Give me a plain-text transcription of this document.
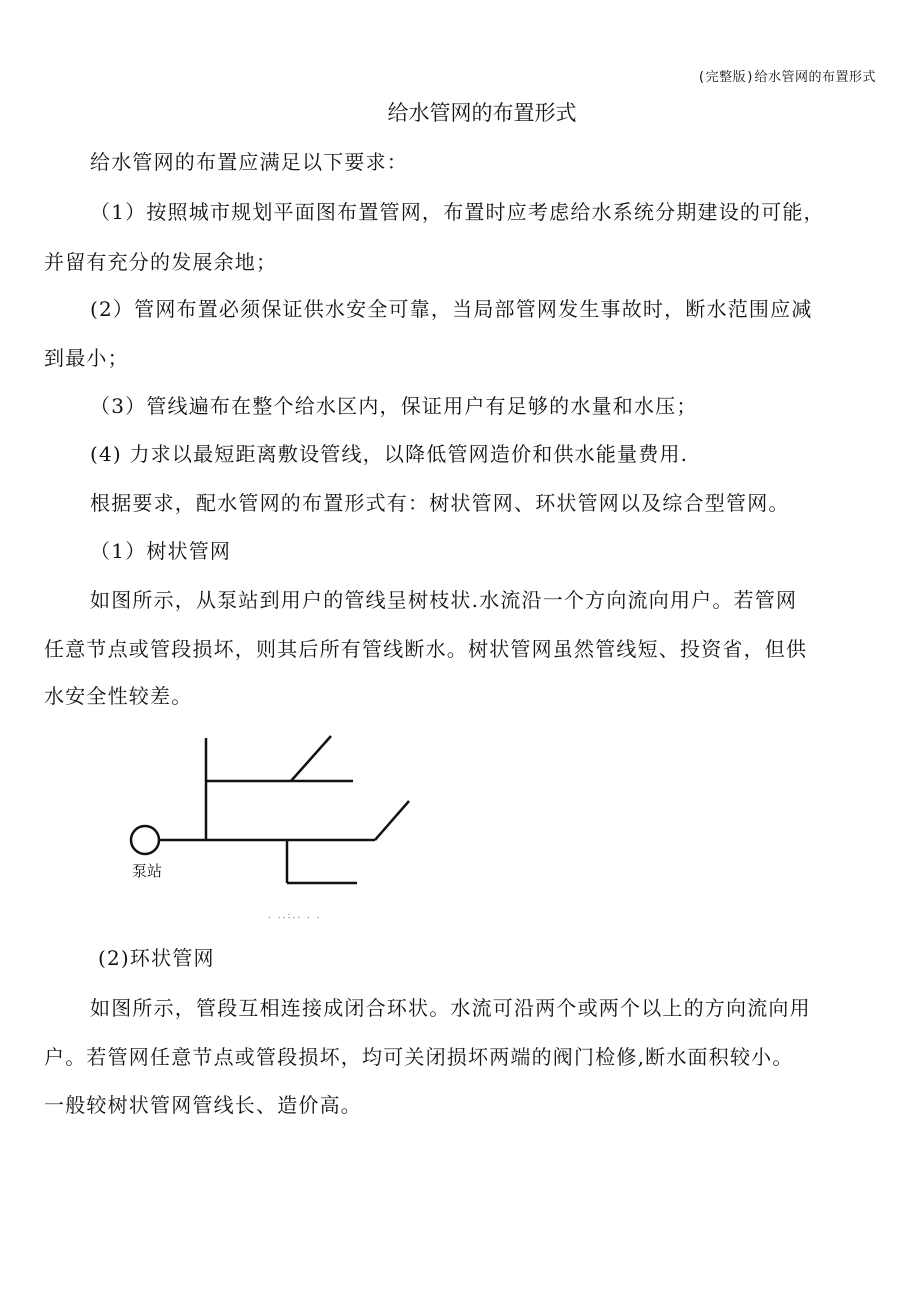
(完整版)给水管网的布置形式
给水管网的布置形式
给水管网的布置应满足以下要求：
（1）按照城市规划平面图布置管网，布置时应考虑给水系统分期建设的可能，
并留有充分的发展余地；
(2）管网布置必须保证供水安全可靠，当局部管网发生事故时，断水范围应减
到最小；
（3）管线遍布在整个给水区内，保证用户有足够的水量和水压；
(4) 力求以最短距离敷设管线，以降低管网造价和供水能量费用.
根据要求，配水管网的布置形式有：树状管网、环状管网以及综合型管网。
（1）树状管网
如图所示，从泵站到用户的管线呈树枝状.水流沿一个方向流向用户。若管网
任意节点或管段损坏，则其后所有管线断水。树状管网虽然管线短、投资省，但供
水安全性较差。
(2)环状管网
如图所示，管段互相连接成闭合环状。水流可沿两个或两个以上的方向流向用
户。若管网任意节点或管段损坏，均可关闭损坏两端的阀门检修,断水面积较小。
一般较树状管网管线长、造价高。
泵站
. ..:.. . .
